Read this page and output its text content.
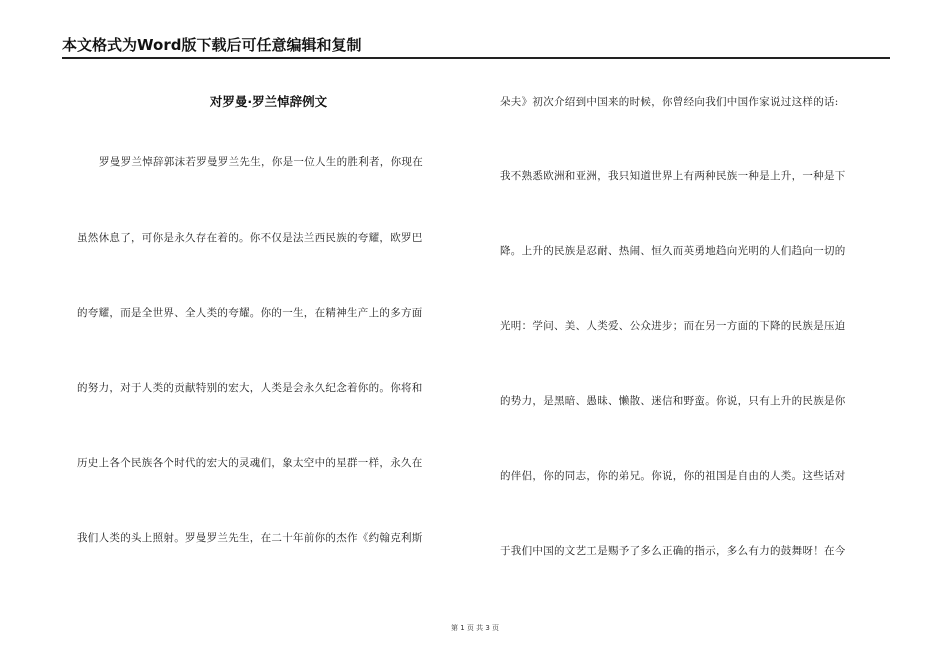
本文格式为Word版下载后可任意编辑和复制
对罗曼·罗兰悼辞例文
罗曼罗兰悼辞郭沫若罗曼罗兰先生，你是一位人生的胜利者，你现在
虽然休息了，可你是永久存在着的。你不仅是法兰西民族的夸耀，欧罗巴
的夸耀，而是全世界、全人类的夸耀。你的一生，在精神生产上的多方面
的努力，对于人类的贡献特别的宏大，人类是会永久纪念着你的。你将和
历史上各个民族各个时代的宏大的灵魂们，象太空中的星群一样，永久在
我们人类的头上照射。罗曼罗兰先生，在二十年前你的杰作《约翰克利斯
朵夫》初次介绍到中国来的时候，你曾经向我们中国作家说过这样的话:
我不熟悉欧洲和亚洲，我只知道世界上有两种民族一种是上升，一种是下
降。上升的民族是忍耐、热闹、恒久而英勇地趋向光明的人们趋向一切的
光明：学问、美、人类爱、公众进步；而在另一方面的下降的民族是压迫
的势力，是黑暗、愚昧、懒散、迷信和野蛮。你说，只有上升的民族是你
的伴侣，你的同志，你的弟兄。你说，你的祖国是自由的人类。这些话对
于我们中国的文艺工是赐予了多么正确的指示，多么有力的鼓舞呀！在今
第 1 页 共 3 页
